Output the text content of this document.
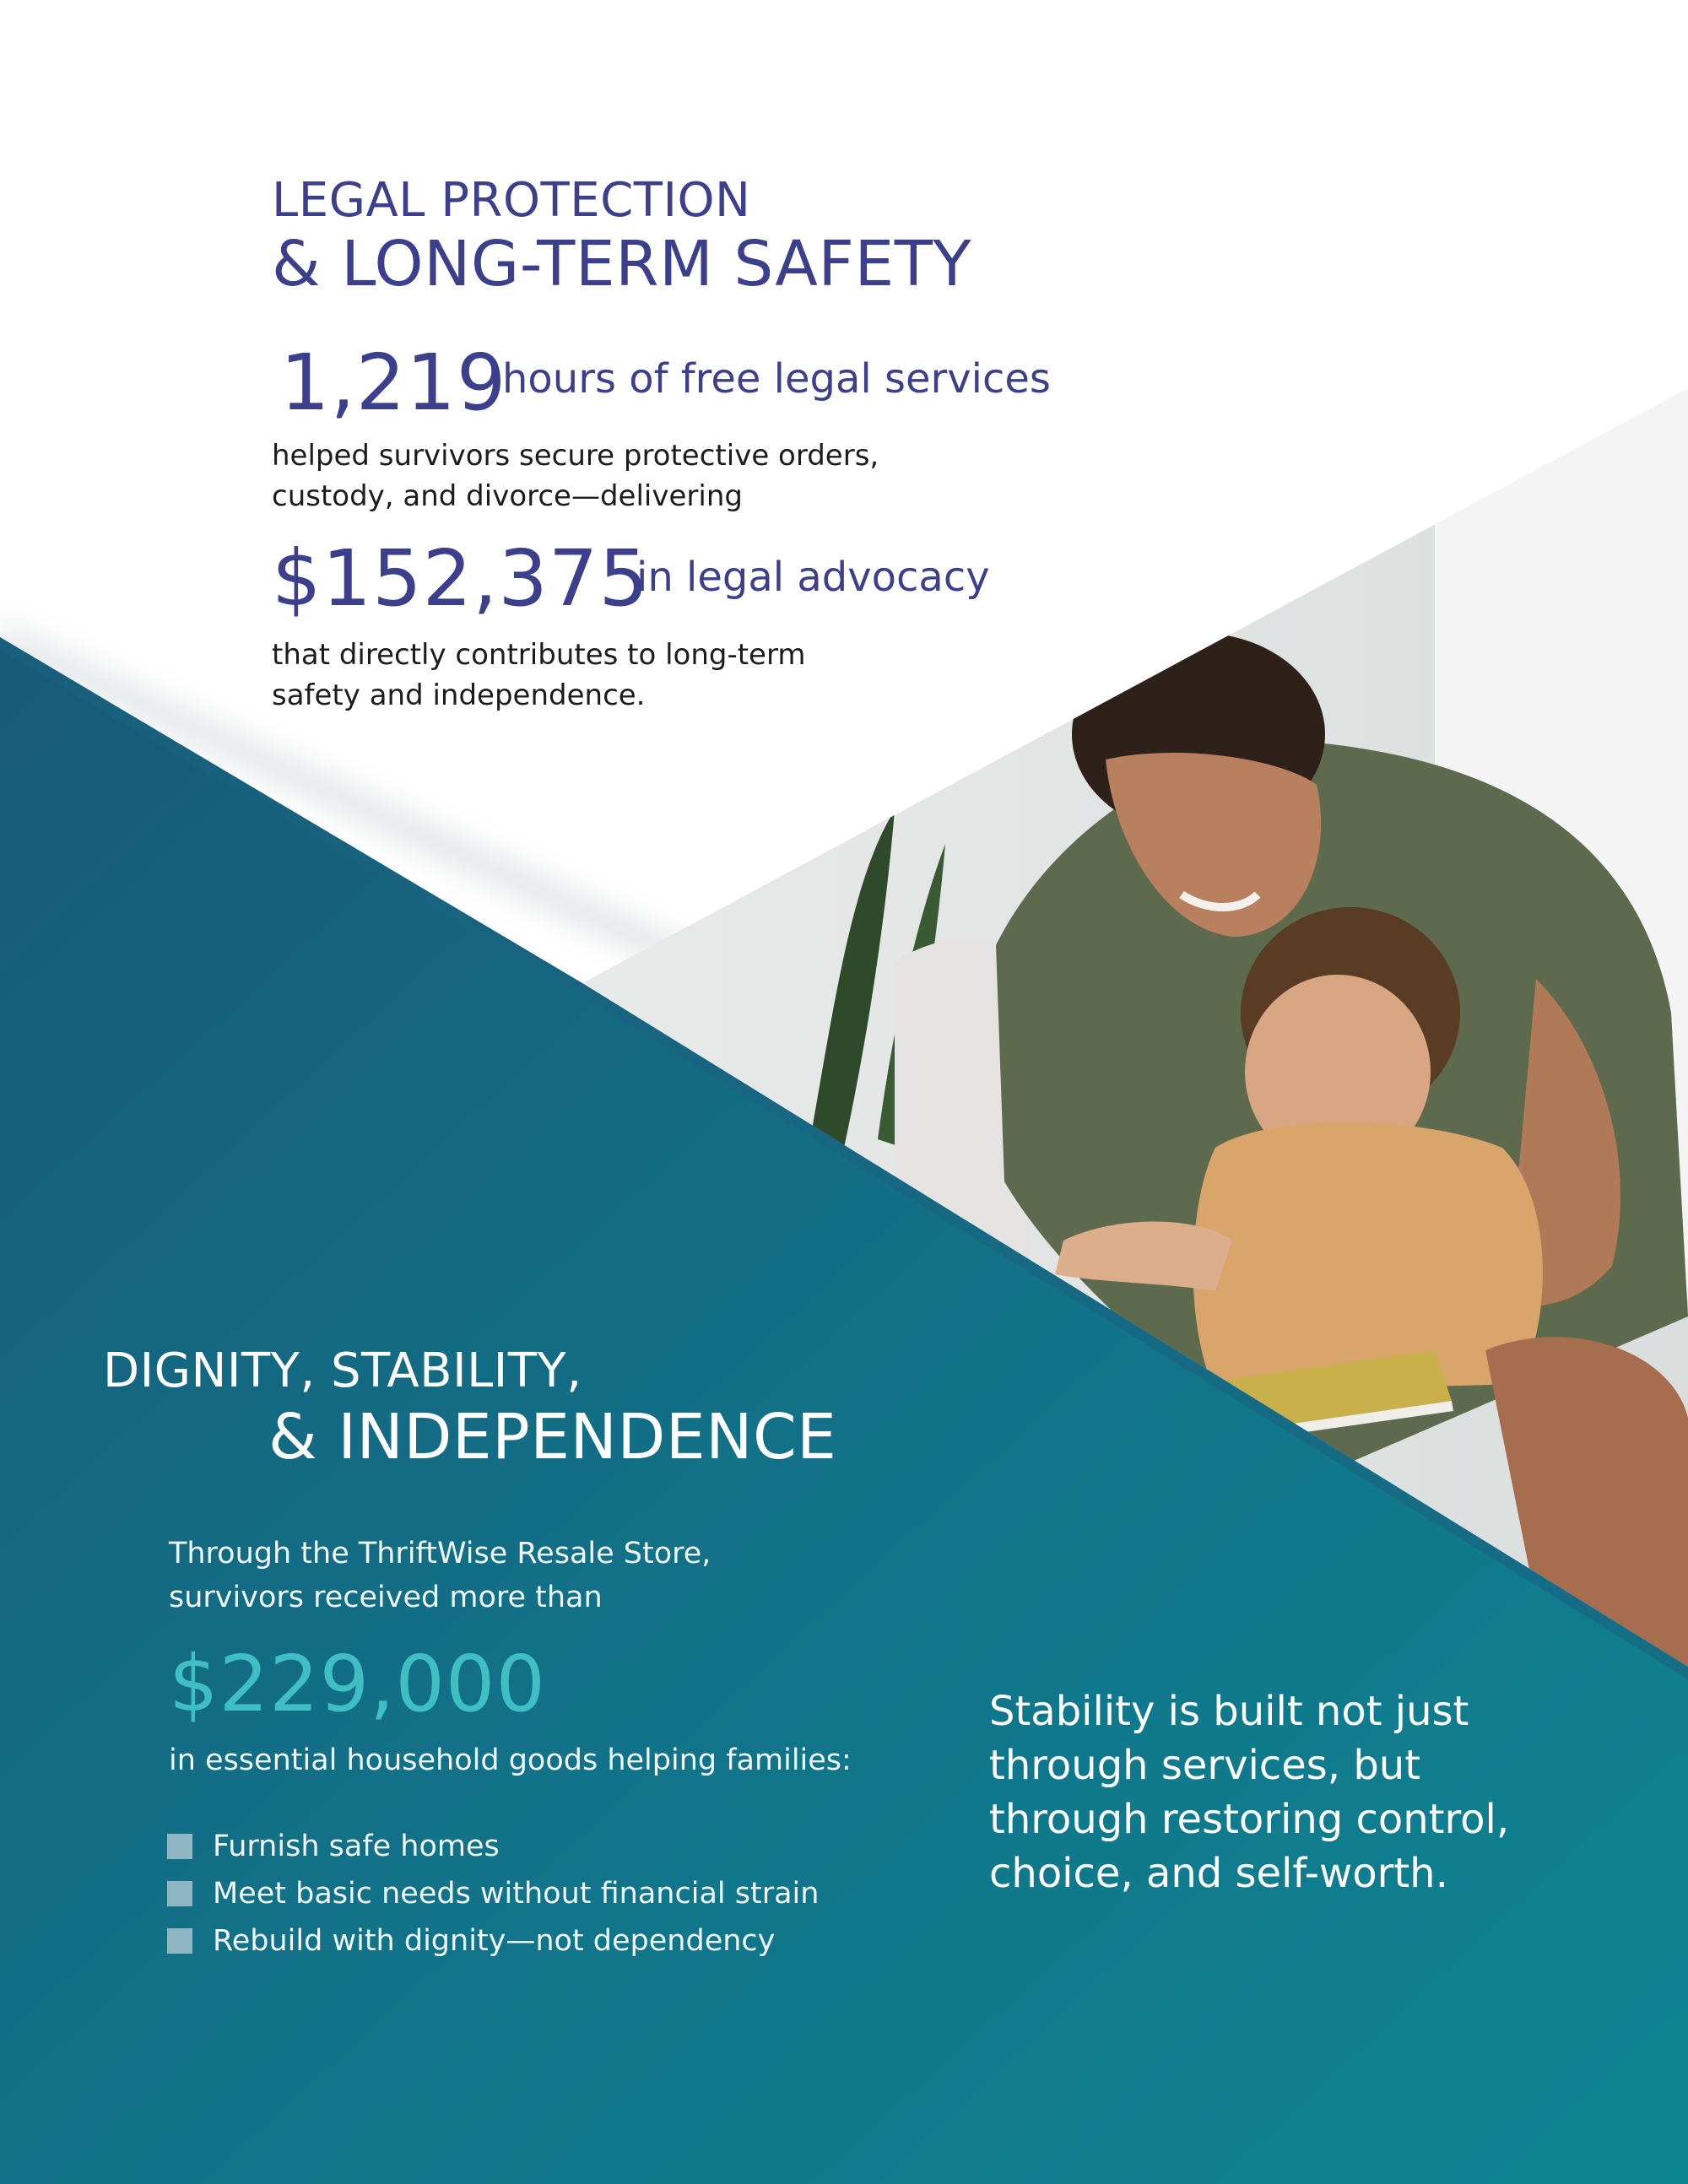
LEGAL PROTECTION

& LONG-TERM SAFETY

1,219
hours of free legal services

helped survivors secure protective orders,

custody, and divorce—delivering

$152,375
in legal advocacy

that directly contributes to long-term

safety and independence.

DIGNITY, STABILITY,

& INDEPENDENCE

Through the ThriftWise Resale Store,

survivors received more than

$229,000

in essential household goods helping families:

Furnish safe homes
Meet basic needs without financial strain
Rebuild with dignity—not dependency
Stability is built not just
through services, but
through restoring control,
choice, and self-worth.
